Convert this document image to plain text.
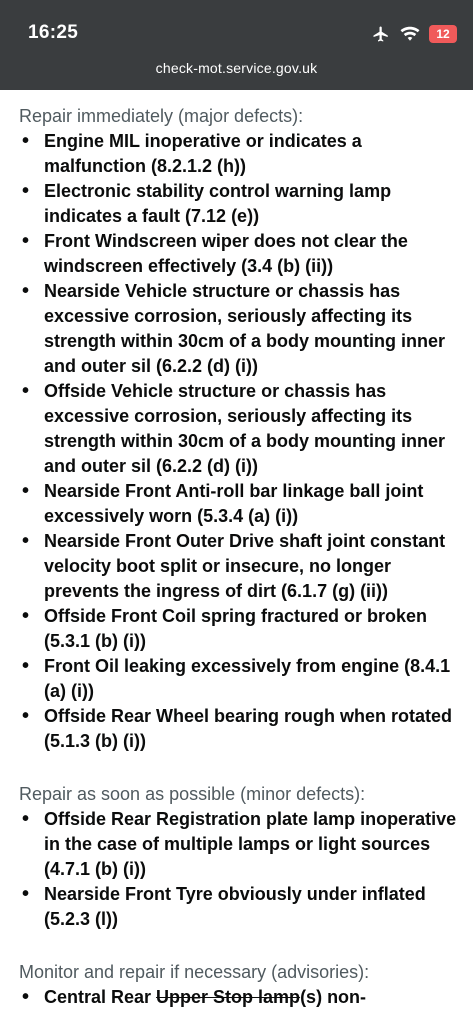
16:25	12
check-mot.service.gov.uk
Repair immediately (major defects):
• Engine MIL inoperative or indicates a malfunction (8.2.1.2 (h))
• Electronic stability control warning lamp indicates a fault (7.12 (e))
• Front Windscreen wiper does not clear the windscreen effectively (3.4 (b) (ii))
• Nearside Vehicle structure or chassis has excessive corrosion, seriously affecting its strength within 30cm of a body mounting inner and outer sil (6.2.2 (d) (i))
• Offside Vehicle structure or chassis has excessive corrosion, seriously affecting its strength within 30cm of a body mounting inner and outer sil (6.2.2 (d) (i))
• Nearside Front Anti-roll bar linkage ball joint excessively worn (5.3.4 (a) (i))
• Nearside Front Outer Drive shaft joint constant velocity boot split or insecure, no longer prevents the ingress of dirt (6.1.7 (g) (ii))
• Offside Front Coil spring fractured or broken (5.3.1 (b) (i))
• Front Oil leaking excessively from engine (8.4.1 (a) (i))
• Offside Rear Wheel bearing rough when rotated (5.1.3 (b) (i))
Repair as soon as possible (minor defects):
• Offside Rear Registration plate lamp inoperative in the case of multiple lamps or light sources (4.7.1 (b) (i))
• Nearside Front Tyre obviously under inflated (5.2.3 (l))
Monitor and repair if necessary (advisories):
• Central Rear Upper Stop lamp(s) non-
